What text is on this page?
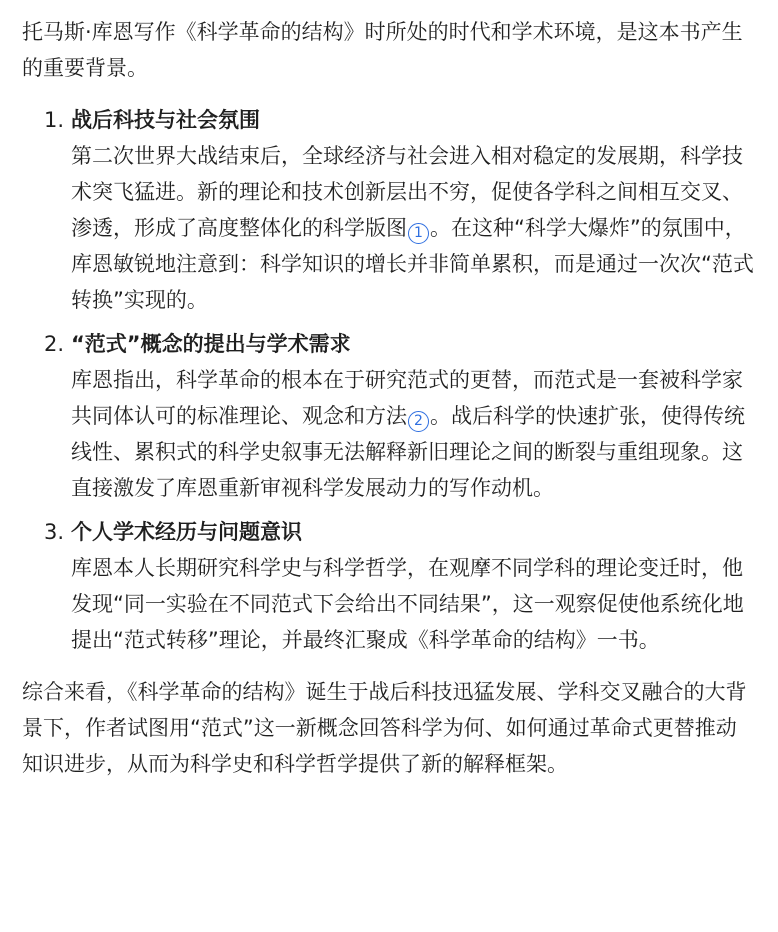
托马斯·库恩写作《科学革命的结构》时所处的时代和学术环境，是这本书产生的重要背景。

1. 战后科技与社会氛围

第二次世界大战结束后，全球经济与社会进入相对稳定的发展期，科学技术突飞猛进。新的理论和技术创新层出不穷，促使各学科之间相互交叉、渗透，形成了高度整体化的科学版图 1 。在这种“科学大爆炸”的氛围中，库恩敏锐地注意到：科学知识的增长并非简单累积，而是通过一次次“范式转换”实现的。

2. “范式”概念的提出与学术需求

库恩指出，科学革命的根本在于研究范式的更替，而范式是一套被科学家共同体认可的标准理论、观念和方法 2 。战后科学的快速扩张，使得传统线性、累积式的科学史叙事无法解释新旧理论之间的断裂与重组现象。这直接激发了库恩重新审视科学发展动力的写作动机。

3. 个人学术经历与问题意识

库恩本人长期研究科学史与科学哲学，在观摩不同学科的理论变迁时，他发现“同一实验在不同范式下会给出不同结果”，这一观察促使他系统化地提出“范式转移”理论，并最终汇聚成《科学革命的结构》一书。

综合来看，《科学革命的结构》诞生于战后科技迅猛发展、学科交叉融合的大背景下，作者试图用“范式”这一新概念回答科学为何、如何通过革命式更替推动知识进步，从而为科学史和科学哲学提供了新的解释框架。
